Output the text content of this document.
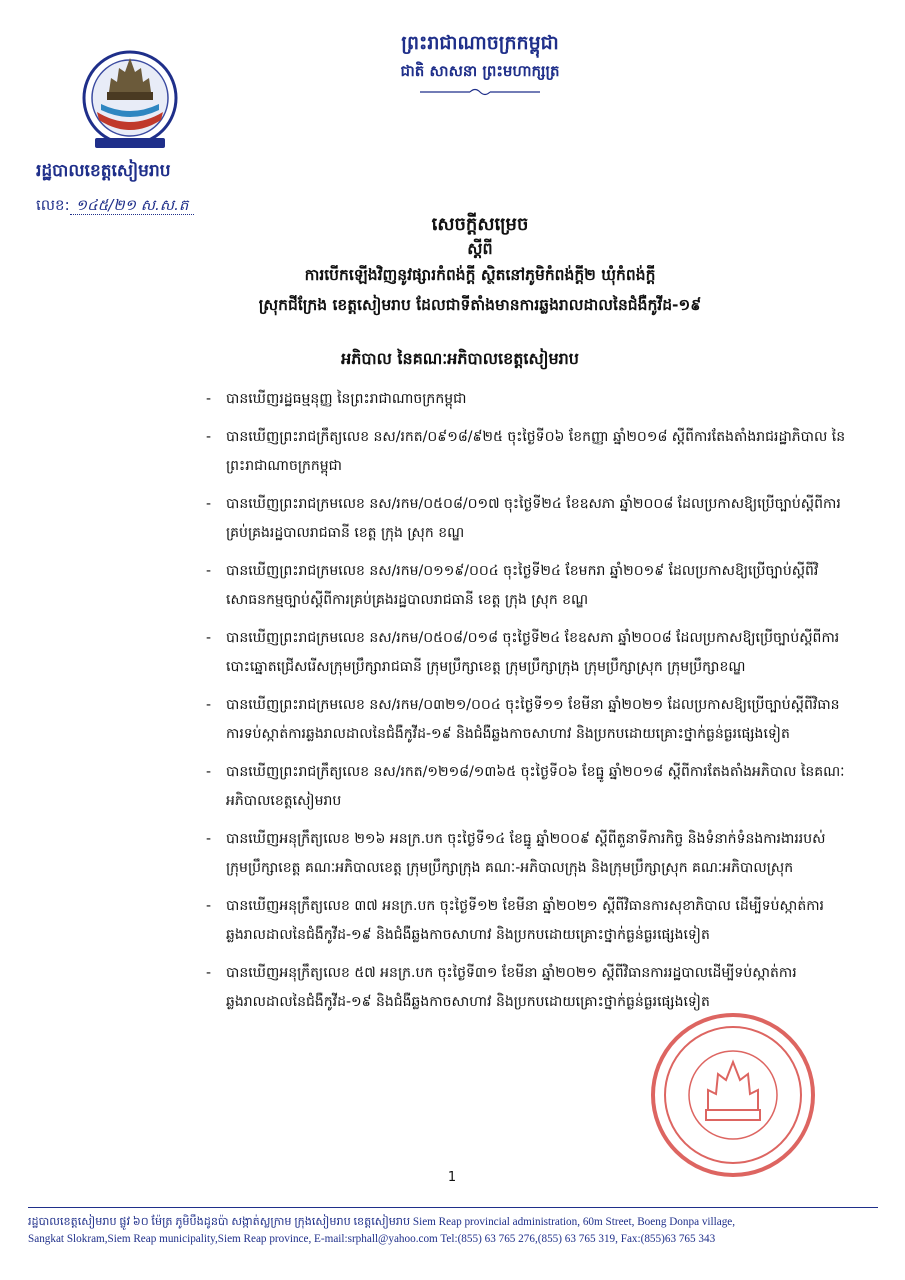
ព្រះរាជាណាចក្រកម្ពុជា
ជាតិ សាសនា ព្រះមហាក្សត្រ
រដ្ឋបាលខេត្តសៀមរាប
លេខ: ១៤៥/២១ ស.ស.ត
សេចក្តីសម្រេច
ស្តីពី
ការបើកឡើងវិញនូវផ្សារកំពង់ក្តី ស្ថិតនៅភូមិកំពង់ក្តី២ ឃុំកំពង់ក្តី
ស្រុកជីក្រែង ខេត្តសៀមរាប ដែលជាទីតាំងមានការឆ្លងរាលដាលនៃជំងឺកូវីដ-១៩
អភិបាល នៃគណៈអភិបាលខេត្តសៀមរាប
- បានឃើញរដ្ឋធម្មនុញ្ញ នៃព្រះរាជាណាចក្រកម្ពុជា
- បានឃើញព្រះរាជក្រឹត្យលេខ នស/រកត/០៩១៨/៩២៥ ចុះថ្ងៃទី០៦ ខែកញ្ញា ឆ្នាំ២០១៨ ស្តីពីការតែងតាំងរាជរដ្ឋាភិបាល នៃព្រះរាជាណាចក្រកម្ពុជា
- បានឃើញព្រះរាជក្រមលេខ នស/រកម/០៥០៨/០១៧ ចុះថ្ងៃទី២៤ ខែឧសភា ឆ្នាំ២០០៨ ដែលប្រកាសឱ្យប្រើច្បាប់ស្តីពីការគ្រប់គ្រងរដ្ឋបាលរាជធានី ខេត្ត ក្រុង ស្រុក ខណ្ឌ
- បានឃើញព្រះរាជក្រមលេខ នស/រកម/០១១៩/០០៤ ចុះថ្ងៃទី២៤ ខែមករា ឆ្នាំ២០១៩ ដែលប្រកាសឱ្យប្រើច្បាប់ស្តីពីវិសោធនកម្មច្បាប់ស្តីពីការគ្រប់គ្រងរដ្ឋបាលរាជធានី ខេត្ត ក្រុង ស្រុក ខណ្ឌ
- បានឃើញព្រះរាជក្រមលេខ នស/រកម/០៥០៨/០១៨ ចុះថ្ងៃទី២៤ ខែឧសភា ឆ្នាំ២០០៨ ដែលប្រកាសឱ្យប្រើច្បាប់ស្តីពីការបោះឆ្នោតជ្រើសរើសក្រុមប្រឹក្សារាជធានី ក្រុមប្រឹក្សាខេត្ត ក្រុមប្រឹក្សាក្រុង ក្រុមប្រឹក្សាស្រុក ក្រុមប្រឹក្សាខណ្ឌ
- បានឃើញព្រះរាជក្រមលេខ នស/រកម/០៣២១/០០៤ ចុះថ្ងៃទី១១ ខែមីនា ឆ្នាំ២០២១ ដែលប្រកាសឱ្យប្រើច្បាប់ស្តីពីវិធានការទប់ស្កាត់ការឆ្លងរាលដាលនៃជំងឺកូវីដ-១៩ និងជំងឺឆ្លងកាចសាហាវ និងប្រកបដោយគ្រោះថ្នាក់ធ្ងន់ធ្ងរផ្សេងទៀត
- បានឃើញព្រះរាជក្រឹត្យលេខ នស/រកត/១២១៨/១៣៦៥ ចុះថ្ងៃទី០៦ ខែធ្នូ ឆ្នាំ២០១៨ ស្តីពីការតែងតាំងអភិបាល នៃគណៈអភិបាលខេត្តសៀមរាប
- បានឃើញអនុក្រឹត្យលេខ ២១៦ អនក្រ.បក ចុះថ្ងៃទី១៤ ខែធ្នូ ឆ្នាំ២០០៩ ស្តីពីតួនាទីភារកិច្ច និងទំនាក់ទំនងការងាររបស់ក្រុមប្រឹក្សាខេត្ត គណៈអភិបាលខេត្ត ក្រុមប្រឹក្សាក្រុង គណៈ-អភិបាលក្រុង និងក្រុមប្រឹក្សាស្រុក គណៈអភិបាលស្រុក
- បានឃើញអនុក្រឹត្យលេខ ៣៧ អនក្រ.បក ចុះថ្ងៃទី១២ ខែមីនា ឆ្នាំ២០២១ ស្តីពីវិធានការសុខាភិបាល ដើម្បីទប់ស្កាត់ការឆ្លងរាលដាលនៃជំងឺកូវីដ-១៩ និងជំងឺឆ្លងកាចសាហាវ និងប្រកបដោយគ្រោះថ្នាក់ធ្ងន់ធ្ងរផ្សេងទៀត
- បានឃើញអនុក្រឹត្យលេខ ៥៧ អនក្រ.បក ចុះថ្ងៃទី៣១ ខែមីនា ឆ្នាំ២០២១ ស្តីពីវិធានការរដ្ឋបាលដើម្បីទប់ស្កាត់ការឆ្លងរាលដាលនៃជំងឺកូវីដ-១៩ និងជំងឺឆ្លងកាចសាហាវ និងប្រកបដោយគ្រោះថ្នាក់ធ្ងន់ធ្ងរផ្សេងទៀត
1
រដ្ឋបាលខេត្តសៀមរាប ផ្លូវ ៦០ ម៉ែត្រ ភូមិបឹងដូនប៉ា សង្កាត់ស្លក្រាម ក្រុងសៀមរាប ខេត្តសៀមរាប Siem Reap provincial administration, 60m Street, Boeng Donpa village,
Sangkat Slokram,Siem Reap municipality,Siem Reap province, E-mail:srphall@yahoo.com Tel:(855) 63 765 276,(855) 63 765 319, Fax:(855)63 765 343
